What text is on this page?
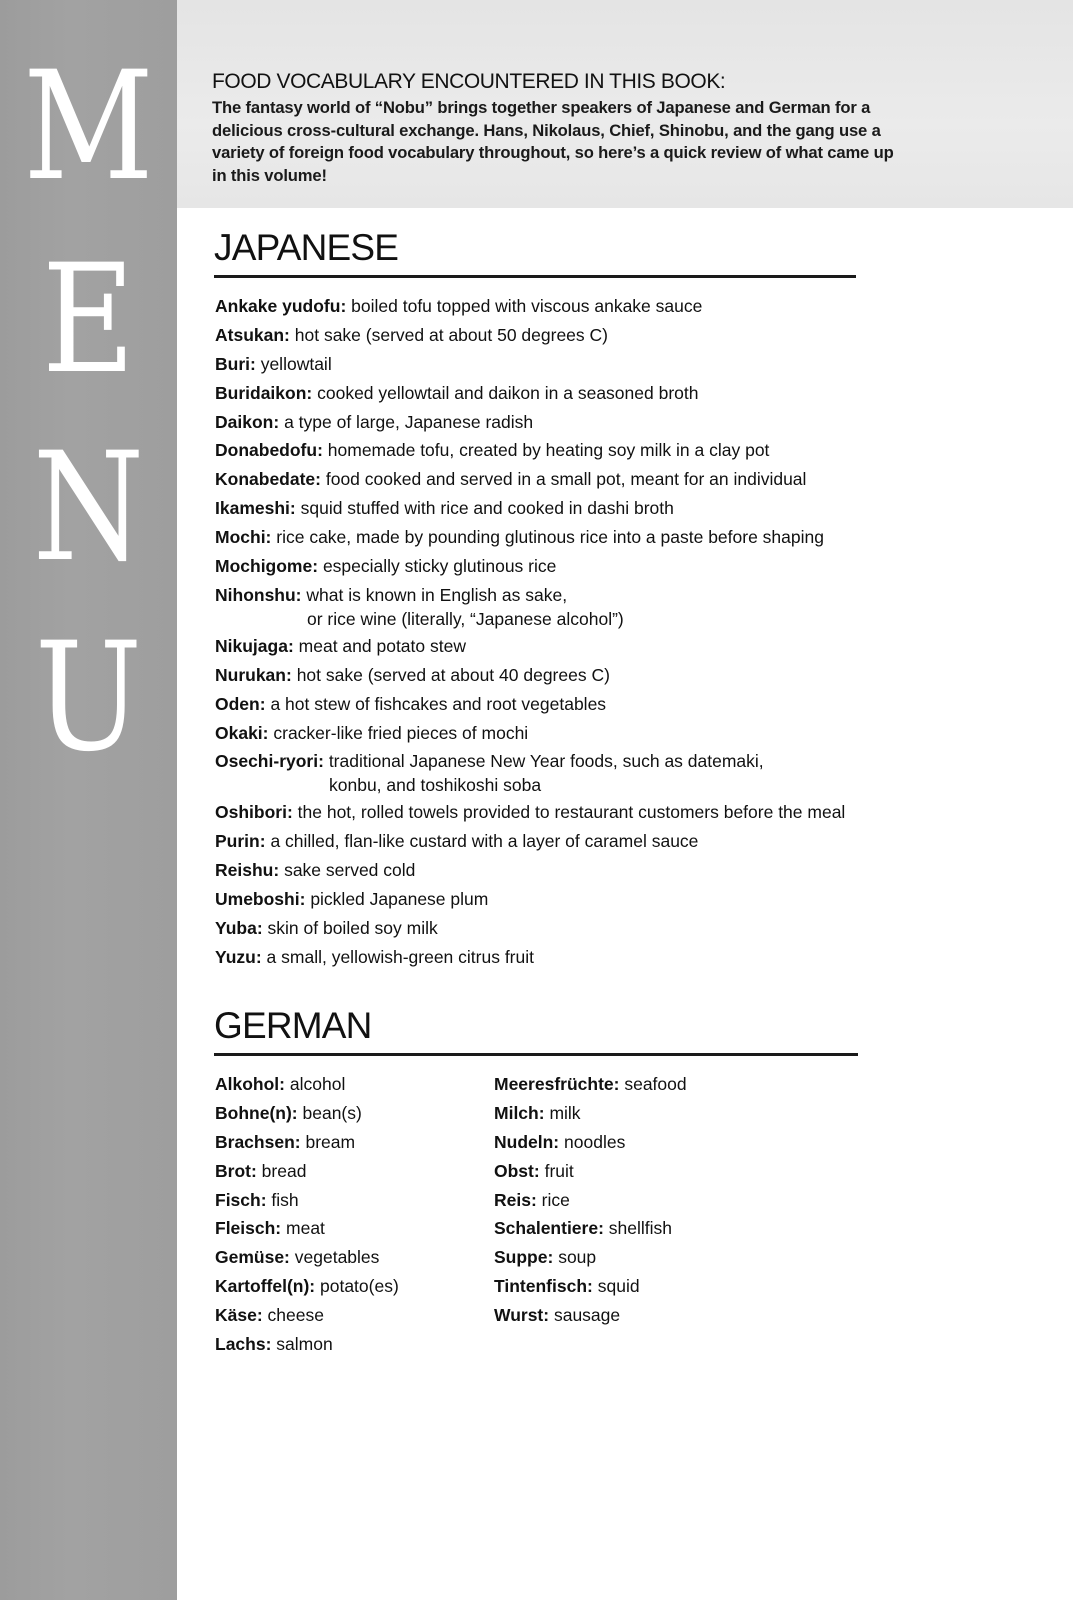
M
E
N
U
FOOD VOCABULARY ENCOUNTERED IN THIS BOOK:
The fantasy world of “Nobu” brings together speakers of Japanese and German for a delicious cross-cultural exchange. Hans, Nikolaus, Chief, Shinobu, and the gang use a variety of foreign food vocabulary throughout, so here’s a quick review of what came up in this volume!
JAPANESE
Ankake yudofu: boiled tofu topped with viscous ankake sauce
Atsukan: hot sake (served at about 50 degrees C)
Buri: yellowtail
Buridaikon: cooked yellowtail and daikon in a seasoned broth
Daikon: a type of large, Japanese radish
Donabedofu: homemade tofu, created by heating soy milk in a clay pot
Konabedate: food cooked and served in a small pot, meant for an individual
Ikameshi: squid stuffed with rice and cooked in dashi broth
Mochi: rice cake, made by pounding glutinous rice into a paste before shaping
Mochigome: especially sticky glutinous rice
Nihonshu: what is known in English as sake,
or rice wine (literally, “Japanese alcohol”)
Nikujaga: meat and potato stew
Nurukan: hot sake (served at about 40 degrees C)
Oden: a hot stew of fishcakes and root vegetables
Okaki: cracker-like fried pieces of mochi
Osechi-ryori: traditional Japanese New Year foods, such as datemaki,
konbu, and toshikoshi soba
Oshibori: the hot, rolled towels provided to restaurant customers before the meal
Purin: a chilled, flan-like custard with a layer of caramel sauce
Reishu: sake served cold
Umeboshi: pickled Japanese plum
Yuba: skin of boiled soy milk
Yuzu: a small, yellowish-green citrus fruit
GERMAN
Alkohol: alcohol
Bohne(n): bean(s)
Brachsen: bream
Brot: bread
Fisch: fish
Fleisch: meat
Gemüse: vegetables
Kartoffel(n): potato(es)
Käse: cheese
Lachs: salmon
Meeresfrüchte: seafood
Milch: milk
Nudeln: noodles
Obst: fruit
Reis: rice
Schalentiere: shellfish
Suppe: soup
Tintenfisch: squid
Wurst: sausage
